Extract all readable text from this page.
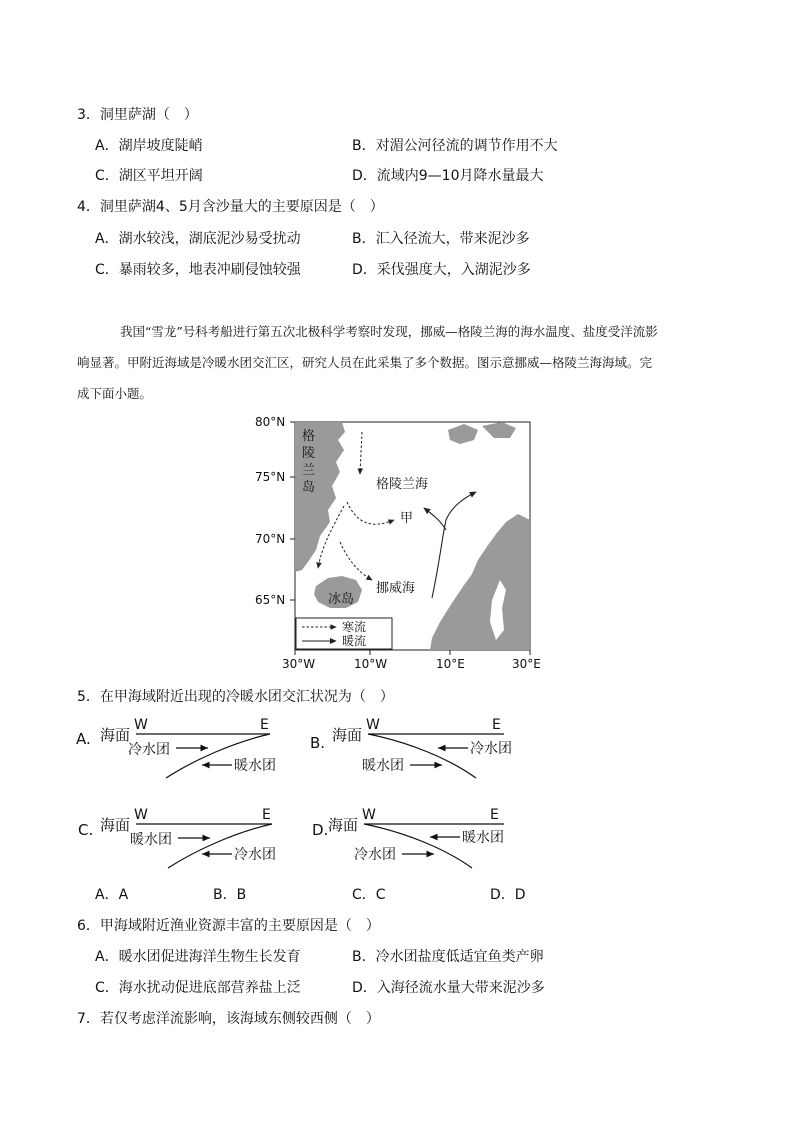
3．洞里萨湖（　）
A．湖岸坡度陡峭	B．对湄公河径流的调节作用不大
C．湖区平坦开阔	D．流域内9—10月降水量最大
4．洞里萨湖4、5月含沙量大的主要原因是（　）
A．湖水较浅，湖底泥沙易受扰动	B．汇入径流大，带来泥沙多
C．暴雨较多，地表冲刷侵蚀较强	D．采伐强度大，入湖泥沙多
我国“雪龙”号科考船进行第五次北极科学考察时发现，挪威—格陵兰海的海水温度、盐度受洋流影
响显著。甲附近海域是冷暖水团交汇区，研究人员在此采集了多个数据。图示意挪威—格陵兰海海域。完
成下面小题。
格
陵
兰
岛	格陵兰海
甲
挪威海
冰岛
80°N
75°N
70°N
65°N
30°W	10°W	10°E	30°E
寒流
暖流
5．在甲海域附近出现的冷暖水团交汇状况为（　）
A. 海面
W	E
冷水团
暖水团
B. 海面
W	E
冷水团
暖水团
C. 海面
W	E
暖水团
冷水团
D. 海面
W	E
暖水团
冷水团
A．A	B．B	C．C	D．D
6．甲海域附近渔业资源丰富的主要原因是（　）
A．暖水团促进海洋生物生长发育	B．冷水团盐度低适宜鱼类产卵
C．海水扰动促进底部营养盐上泛	D．入海径流水量大带来泥沙多
7．若仅考虑洋流影响，该海域东侧较西侧（　）
